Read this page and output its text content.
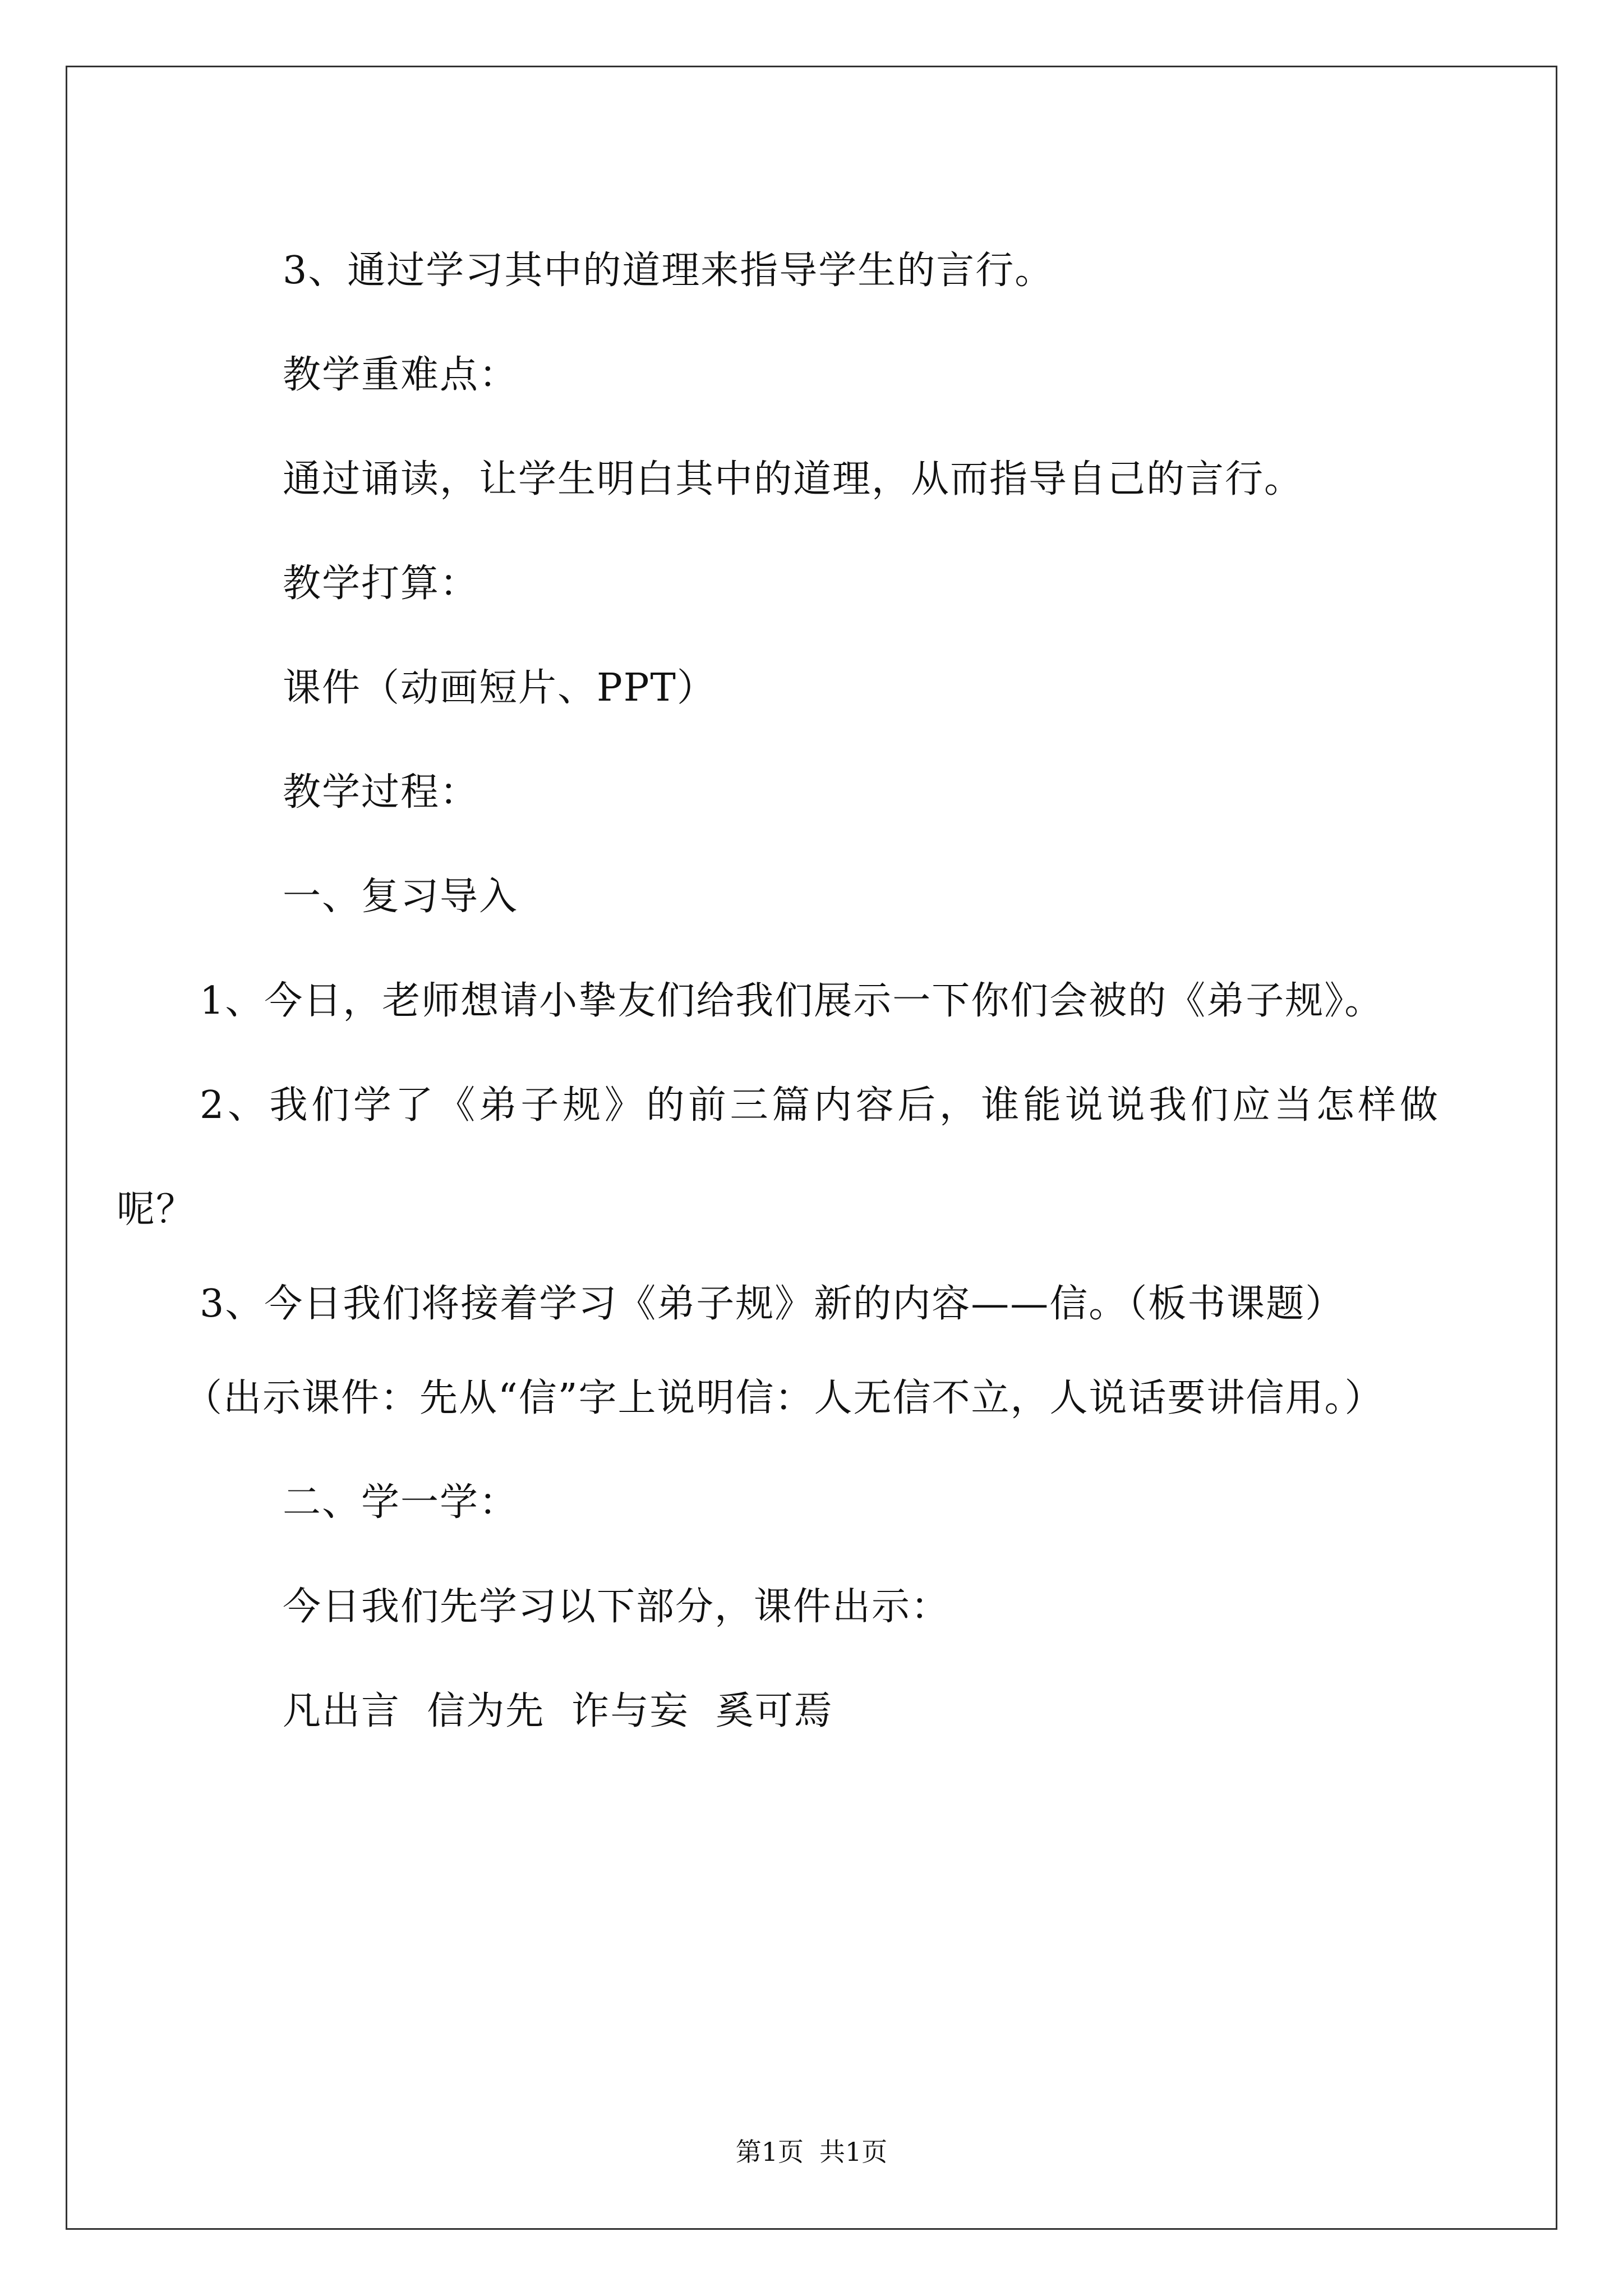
3、通过学习其中的道理来指导学生的言行。

教学重难点：

通过诵读，让学生明白其中的道理，从而指导自己的言行。

教学打算：

课件（动画短片、PPT）

教学过程：

一、复习导入

1、今日，老师想请小挚友们给我们展示一下你们会被的《弟子规》。

2、我们学了《弟子规》的前三篇内容后，谁能说说我们应当怎样做呢？

3、今日我们将接着学习《弟子规》新的内容——信。（板书课题）

（出示课件：先从“信”字上说明信：人无信不立，人说话要讲信用。）

二、学一学：

今日我们先学习以下部分，课件出示：

凡出言  信为先  诈与妄  奚可焉

第1页 共1页
